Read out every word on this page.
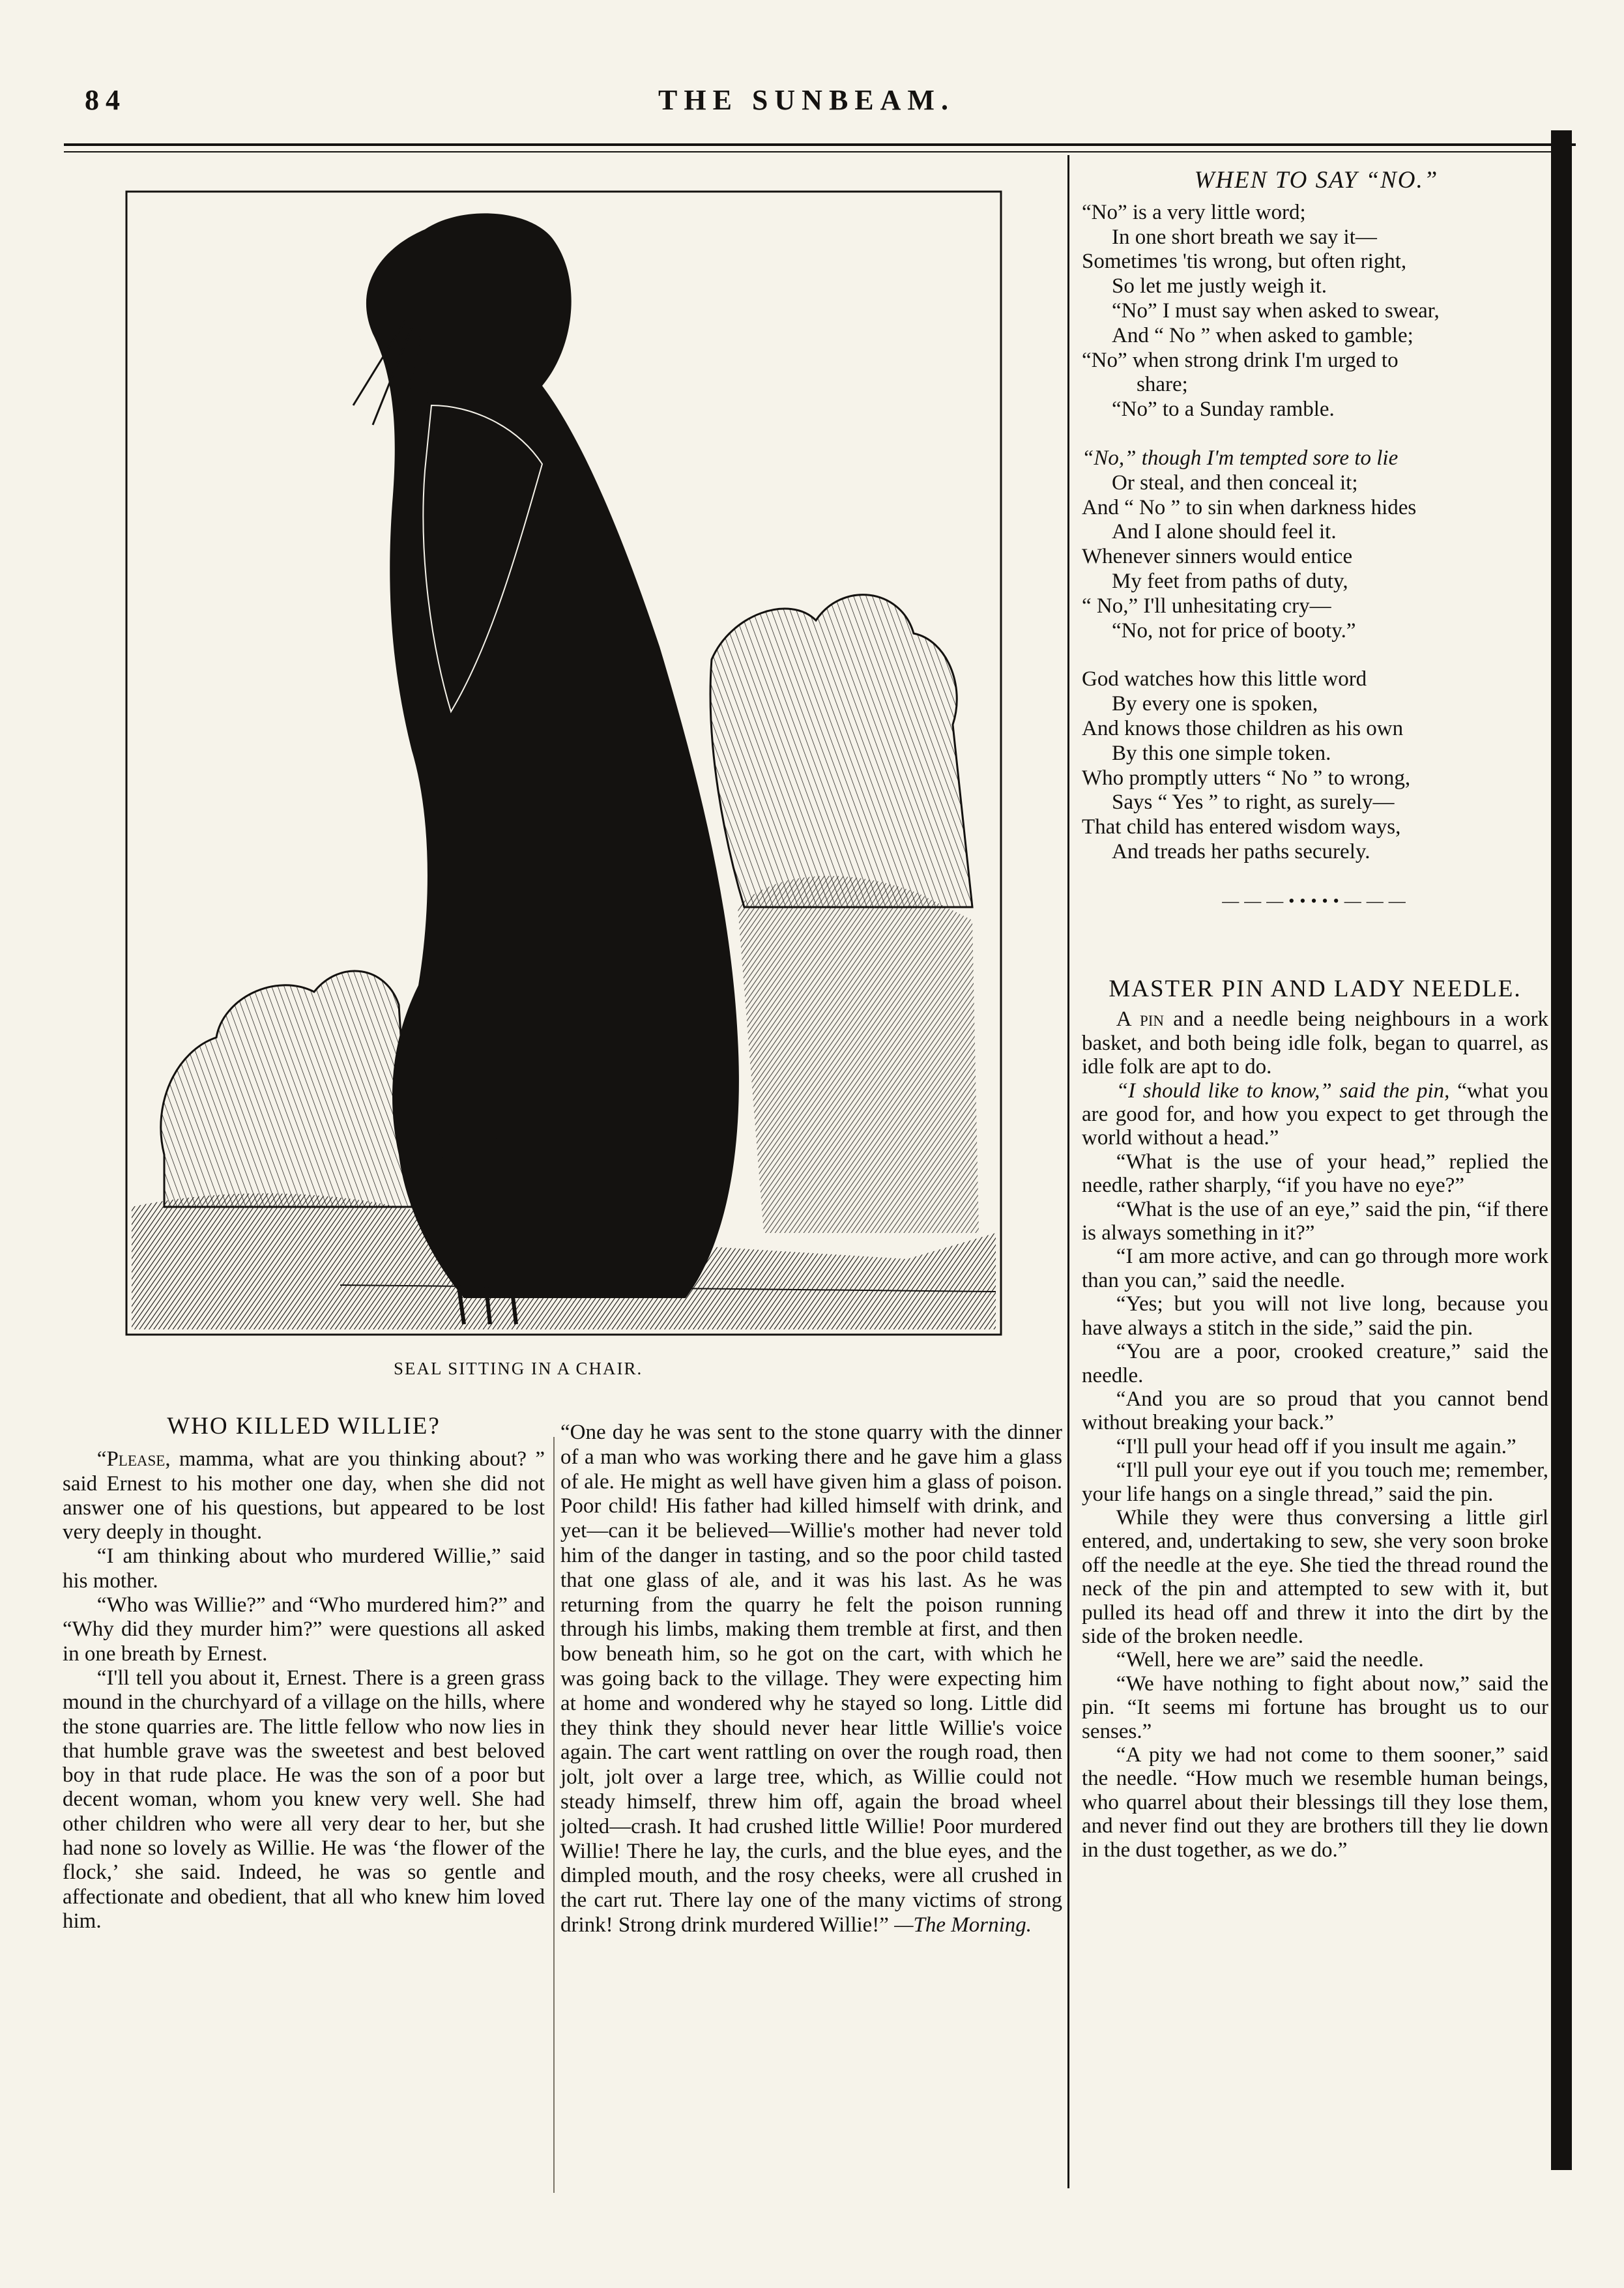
84	THE SUNBEAM.
SEAL SITTING IN A CHAIR.
WHO KILLED WILLIE?

“Please, mamma, what are you thinking about? ” said Ernest to his mother one day, when she did not answer one of his questions, but appeared to be lost very deeply in thought.

“I am thinking about who murdered Willie,” said his mother.

“Who was Willie?” and “Who murdered him?” and “Why did they murder him?” were questions all asked in one breath by Ernest.

“I'll tell you about it, Ernest. There is a green grass mound in the churchyard of a village on the hills, where the stone quarries are. The little fellow who now lies in that humble grave was the sweetest and best beloved boy in that rude place. He was the son of a poor but decent woman, whom you knew very well. She had other children who were all very dear to her, but she had none so lovely as Willie. He was ‘the flower of the flock,’ she said. Indeed, he was so gentle and affectionate and obedient, that all who knew him loved him.

“One day he was sent to the stone quarry with the dinner of a man who was working there and he gave him a glass of ale. He might as well have given him a glass of poison. Poor child! His father had killed himself with drink, and yet—can it be believed—Willie's mother had never told him of the danger in tasting, and so the poor child tasted that one glass of ale, and it was his last. As he was returning from the quarry he felt the poison running through his limbs, making them tremble at first, and then bow beneath him, so he got on the cart, with which he was going back to the village. They were expecting him at home and wondered why he stayed so long. Little did they think they should never hear little Willie's voice again. The cart went rattling on over the rough road, then jolt, jolt over a large tree, which, as Willie could not steady himself, threw him off, again the broad wheel jolted—crash. It had crushed little Willie! Poor murdered Willie! There he lay, the curls, and the blue eyes, and the dimpled mouth, and the rosy cheeks, were all crushed in the cart rut. There lay one of the many victims of strong drink! Strong drink murdered Willie!” —The Morning.

WHEN TO SAY “NO.”
“No” is a very little word;
In one short breath we say it—
Sometimes 'tis wrong, but often right,
So let me justly weigh it.
“No” I must say when asked to swear,
And “ No ” when asked to gamble;
“No” when strong drink I'm urged to
share;
“No” to a Sunday ramble.
“No,” though I'm tempted sore to lie
Or steal, and then conceal it;
And “ No ” to sin when darkness hides
And I alone should feel it.
Whenever sinners would entice
My feet from paths of duty,
“ No,” I'll unhesitating cry—
“No, not for price of booty.”
God watches how this little word
By every one is spoken,
And knows those children as his own
By this one simple token.
Who promptly utters “ No ” to wrong,
Says “ Yes ” to right, as surely—
That child has entered wisdom ways,
And treads her paths securely.
———•••••———
MASTER PIN AND LADY NEEDLE.

A pin and a needle being neighbours in a work basket, and both being idle folk, began to quarrel, as idle folk are apt to do.

“I should like to know,” said the pin, “what you are good for, and how you expect to get through the world without a head.”

“What is the use of your head,” replied the needle, rather sharply, “if you have no eye?”

“What is the use of an eye,” said the pin, “if there is always something in it?”

“I am more active, and can go through more work than you can,” said the needle.

“Yes; but you will not live long, because you have always a stitch in the side,” said the pin.

“You are a poor, crooked creature,” said the needle.

“And you are so proud that you cannot bend without breaking your back.”

“I'll pull your head off if you insult me again.”

“I'll pull your eye out if you touch me; remember, your life hangs on a single thread,” said the pin.

While they were thus conversing a little girl entered, and, undertaking to sew, she very soon broke off the needle at the eye. She tied the thread round the neck of the pin and attempted to sew with it, but pulled its head off and threw it into the dirt by the side of the broken needle.

“Well, here we are” said the needle.

“We have nothing to fight about now,” said the pin. “It seems mi fortune has brought us to our senses.”

“A pity we had not come to them sooner,” said the needle. “How much we resemble human beings, who quarrel about their blessings till they lose them, and never find out they are brothers till they lie down in the dust together, as we do.”
